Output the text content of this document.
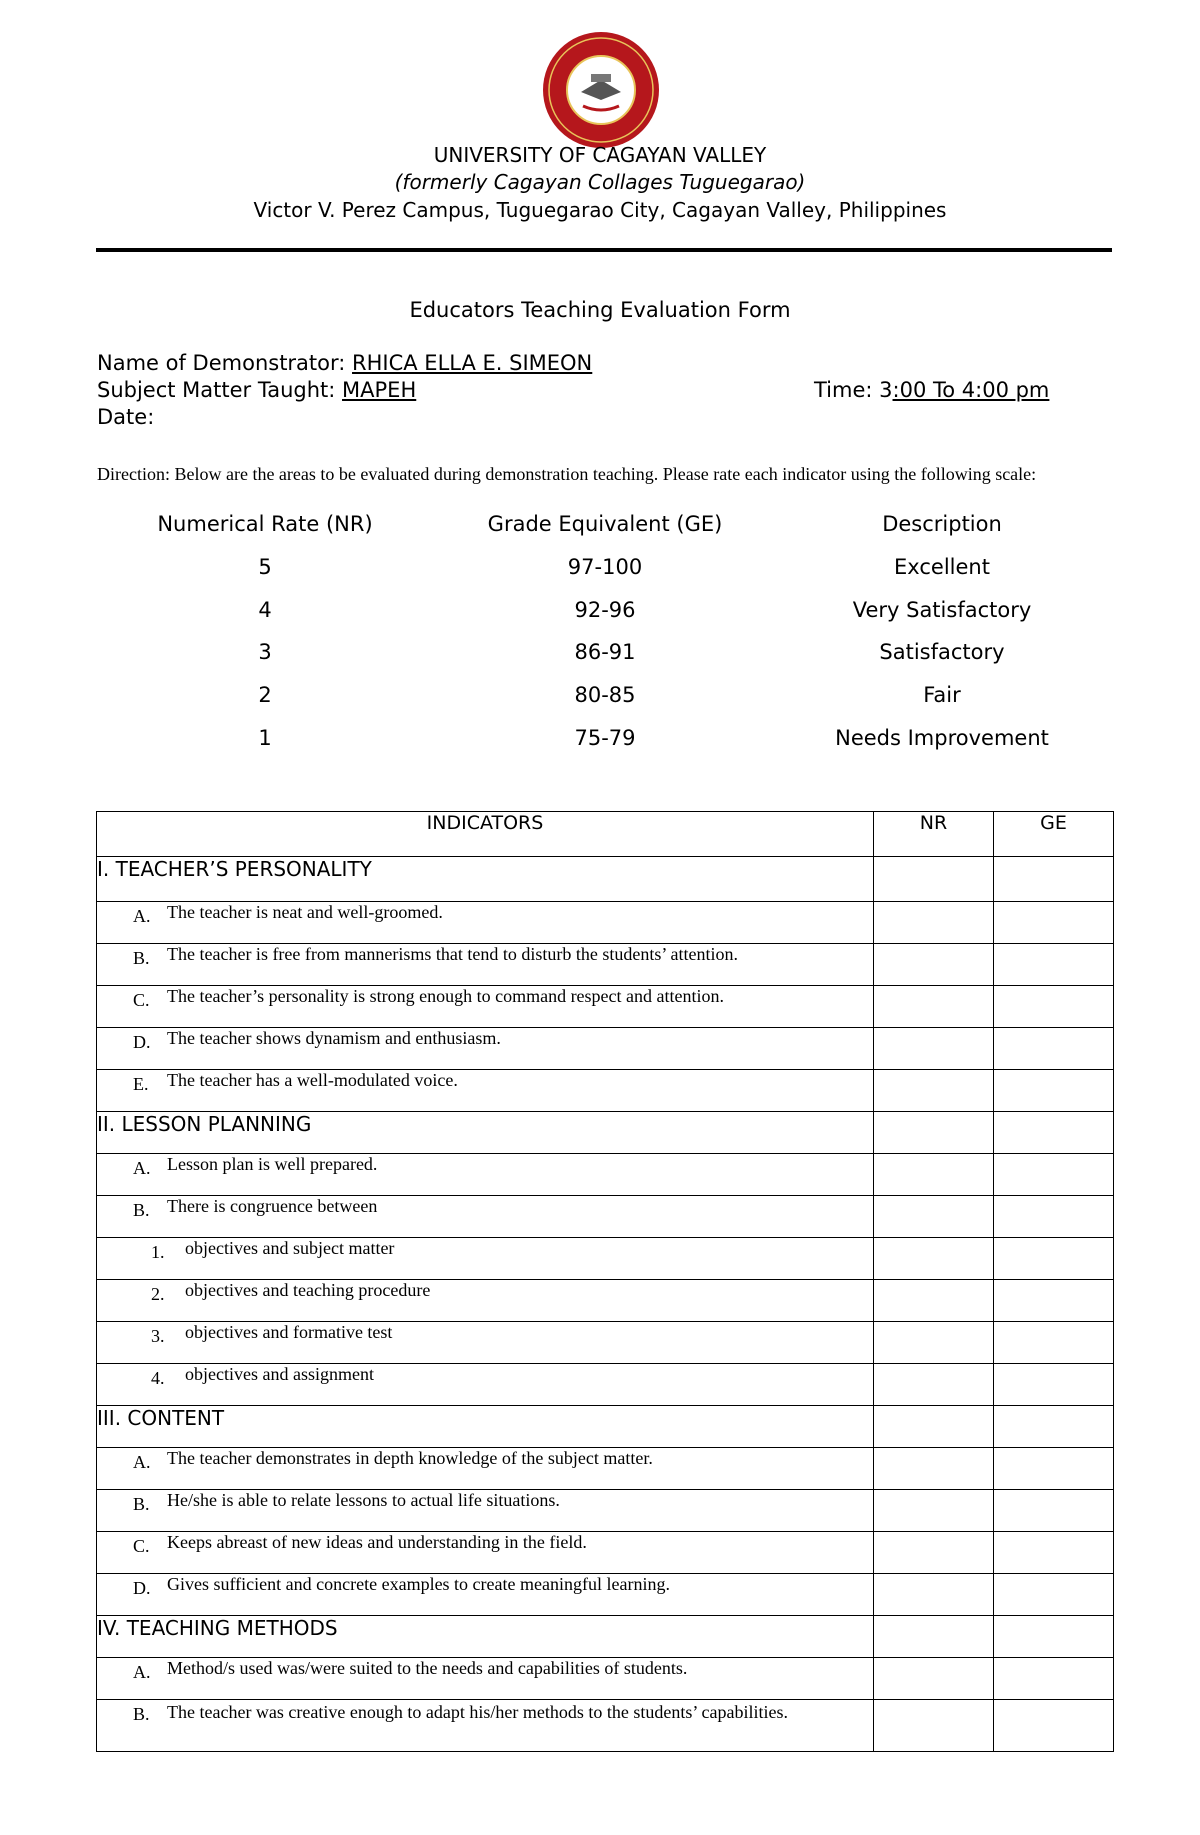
UNIVERSITY OF CAGAYAN VALLEY
(formerly Cagayan Collages Tuguegarao)
Victor V. Perez Campus, Tuguegarao City, Cagayan Valley, Philippines
Educators Teaching Evaluation Form
Name of Demonstrator: RHICA ELLA E. SIMEON
Subject Matter Taught: MAPEH	Time: 3:00 To 4:00 pm
Date:
Direction: Below are the areas to be evaluated during demonstration teaching. Please rate each indicator using the following scale:
Numerical Rate (NR)	Grade Equivalent (GE)	Description
5	97-100	Excellent
4	92-96	Very Satisfactory
3	86-91	Satisfactory
2	80-85	Fair
1	75-79	Needs Improvement
INDICATORS	NR	GE
I. TEACHER’S PERSONALITY		

A. The teacher is neat and well-groomed.		

B. The teacher is free from mannerisms that tend to disturb the students’ attention.		

C. The teacher’s personality is strong enough to command respect and attention.		

D. The teacher shows dynamism and enthusiasm.		

E. The teacher has a well-modulated voice.		

II. LESSON PLANNING		

A. Lesson plan is well prepared.		

B. There is congruence between		

1. objectives and subject matter		

2. objectives and teaching procedure		

3. objectives and formative test		

4. objectives and assignment		

III. CONTENT		

A. The teacher demonstrates in depth knowledge of the subject matter.		

B. He/she is able to relate lessons to actual life situations.		

C. Keeps abreast of new ideas and understanding in the field.		

D. Gives sufficient and concrete examples to create meaningful learning.		

IV. TEACHING METHODS		

A. Method/s used was/were suited to the needs and capabilities of students.		

B. The teacher was creative enough to adapt his/her methods to the students’ capabilities.		
